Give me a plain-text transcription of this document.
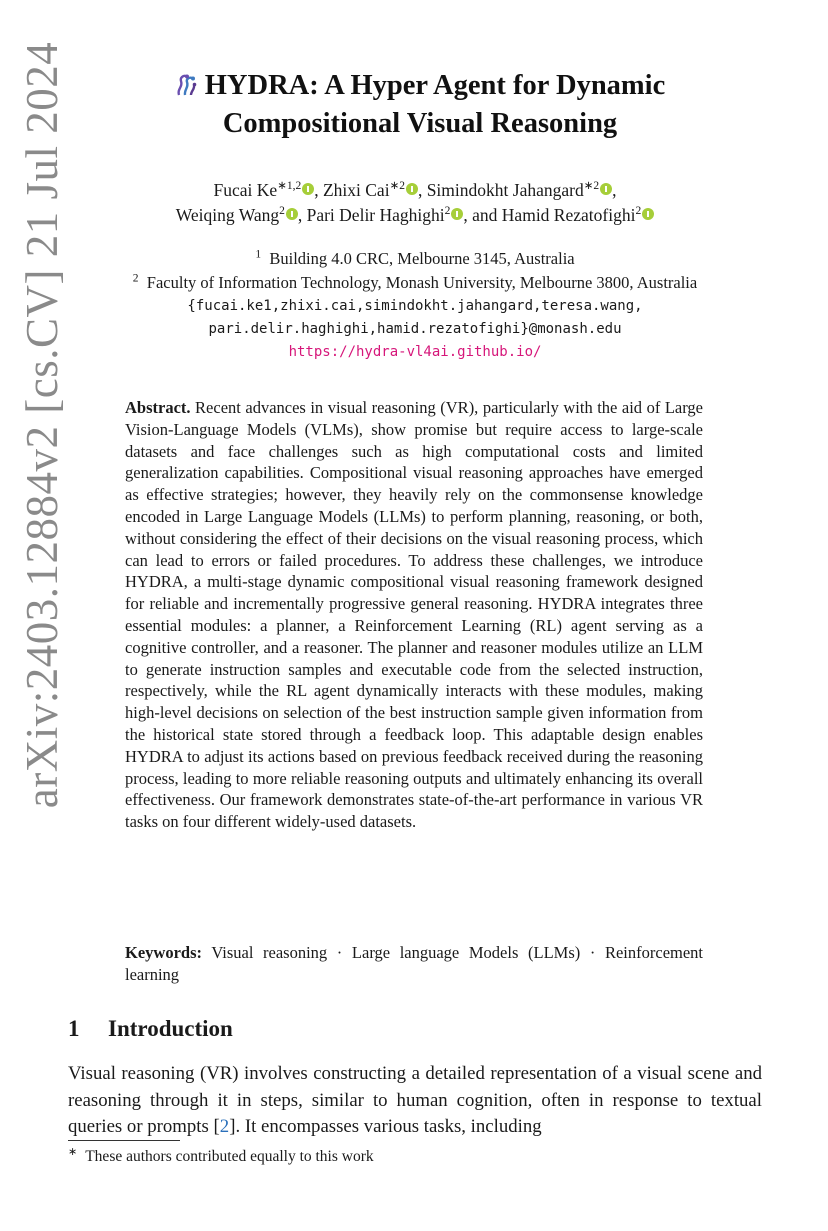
arXiv:2403.12884v2 [cs.CV] 21 Jul 2024	HYDRA: A Hyper Agent for Dynamic
Compositional Visual Reasoning
Fucai $Ke^{∗1,2}$ , Zhixi Cai$^{∗2}$ , Simindokht Jahangard$^{∗2}$ ,
Weiqing Wang$^2$ , Pari Delir Haghighi$^2$ , and Hamid Rezatofighi$^2$
$^1$ Building 4.0 CRC, Melbourne 3145, Australia
$^2$ Faculty of Information Technology, Monash University, Melbourne 3800, Australia
{fucai.ke1,zhixi.cai,simindokht.jahangard,teresa.wang,
pari.delir.haghighi,hamid.rezatofighi}@monash.edu
https://hydra-vl4ai.github.io/
Abstract. Recent advances in visual reasoning (VR), particularly with the aid of Large Vision-Language Models (VLMs), show promise but require access to large-scale datasets and face challenges such as high computational costs and limited generalization capabilities. Compositional visual reasoning approaches have emerged as effective strategies; however, they heavily rely on the commonsense knowledge encoded in Large Language Models (LLMs) to perform planning, reasoning, or both, without considering the effect of their decisions on the visual reasoning process, which can lead to errors or failed procedures. To address these challenges, we introduce HYDRA, a multi-stage dynamic compositional visual reasoning framework designed for reliable and incrementally progressive general reasoning. HYDRA integrates three essential modules: a planner, a Reinforcement Learning (RL) agent serving as a cognitive controller, and a reasoner. The planner and reasoner modules utilize an LLM to generate instruction samples and executable code from the selected instruction, respectively, while the RL agent dynamically interacts with these modules, making high-level decisions on selection of the best instruction sample given information from the historical state stored through a feedback loop. This adaptable design enables HYDRA to adjust its actions based on previous feedback received during the reasoning process, leading to more reliable reasoning outputs and ultimately enhancing its overall effectiveness. Our framework demonstrates state-of-the-art performance in various VR tasks on four different widely-used datasets.
Keywords: Visual reasoning · Large language Models (LLMs) · Reinforcement learning
1 Introduction
Visual reasoning (VR) involves constructing a detailed representation of a visual scene and reasoning through it in steps, similar to human cognition, often in response to textual queries or prompts [2]. It encompasses various tasks, including
∗ These authors contributed equally to this work
